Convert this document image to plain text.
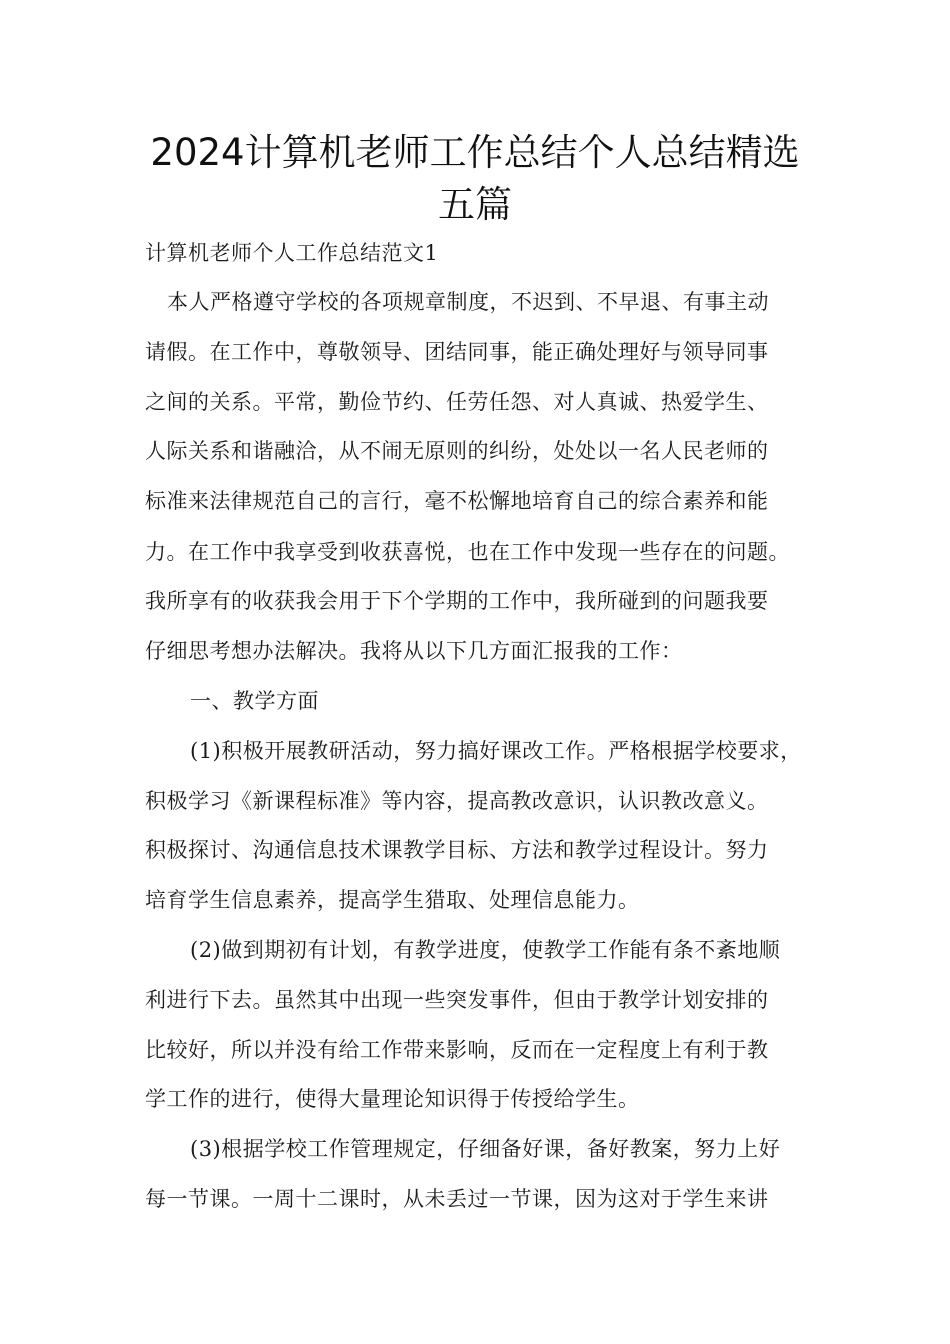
2024计算机老师工作总结个人总结精选
五篇
计算机老师个人工作总结范文1
本人严格遵守学校的各项规章制度，不迟到、不早退、有事主动
请假。在工作中，尊敬领导、团结同事，能正确处理好与领导同事
之间的关系。平常，勤俭节约、任劳任怨、对人真诚、热爱学生、
人际关系和谐融洽，从不闹无原则的纠纷，处处以一名人民老师的
标准来法律规范自己的言行，毫不松懈地培育自己的综合素养和能
力。在工作中我享受到收获喜悦，也在工作中发现一些存在的问题。
我所享有的收获我会用于下个学期的工作中，我所碰到的问题我要
仔细思考想办法解决。我将从以下几方面汇报我的工作：
一、教学方面
(1)积极开展教研活动，努力搞好课改工作。严格根据学校要求，
积极学习《新课程标准》等内容，提高教改意识，认识教改意义。
积极探讨、沟通信息技术课教学目标、方法和教学过程设计。努力
培育学生信息素养，提高学生猎取、处理信息能力。
(2)做到期初有计划，有教学进度，使教学工作能有条不紊地顺
利进行下去。虽然其中出现一些突发事件，但由于教学计划安排的
比较好，所以并没有给工作带来影响，反而在一定程度上有利于教
学工作的进行，使得大量理论知识得于传授给学生。
(3)根据学校工作管理规定，仔细备好课，备好教案，努力上好
每一节课。一周十二课时，从未丢过一节课，因为这对于学生来讲
